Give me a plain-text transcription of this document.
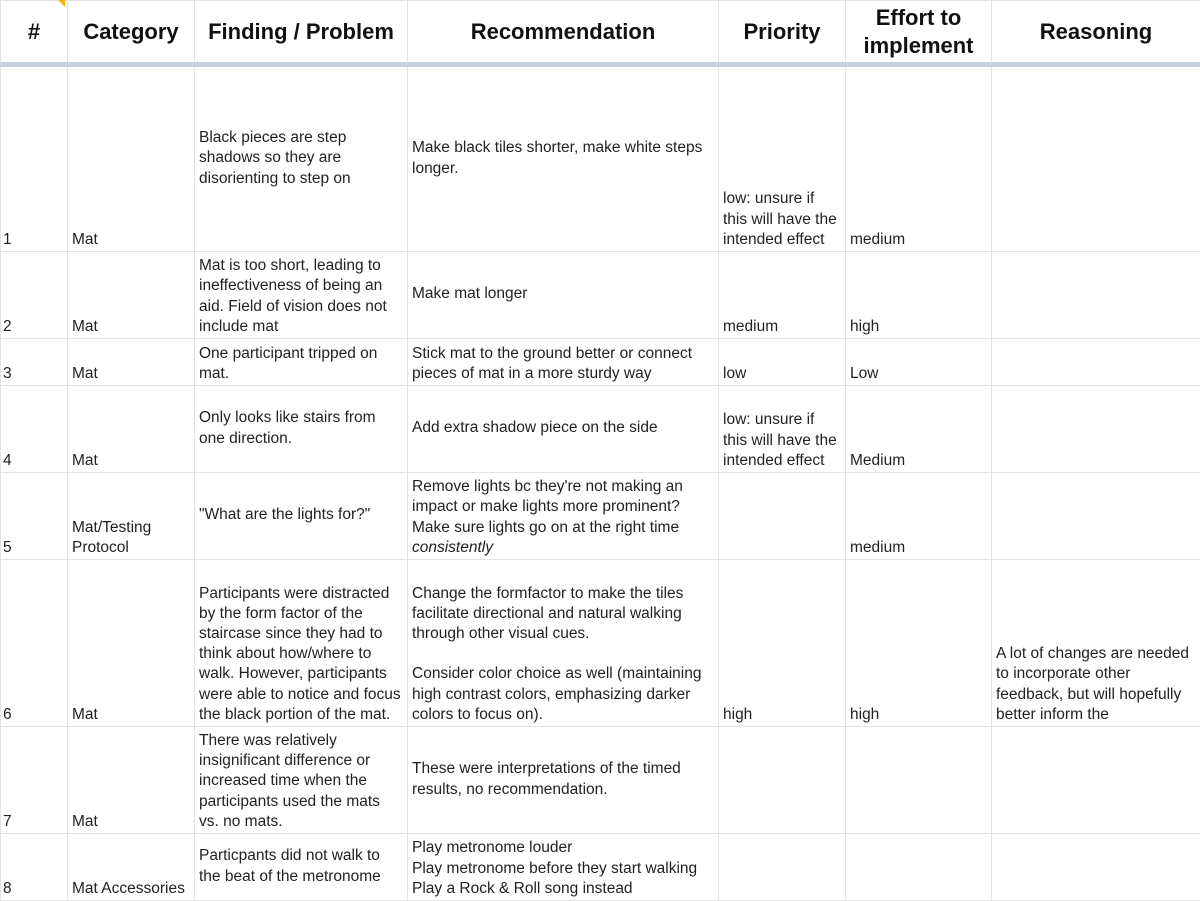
#	Category	Finding / Problem	Recommendation	Priority	Effort to implement	Reasoning
1	Mat	Black pieces are step shadows so they are disorienting to step on	Make black tiles shorter, make white steps longer.	low: unsure if this will have the intended effect	medium	
2	Mat	Mat is too short, leading to ineffectiveness of being an aid. Field of vision does not include mat	Make mat longer	medium	high	
3	Mat	One participant tripped on mat.	Stick mat to the ground better or connect pieces of mat in a more sturdy way	low	Low	
4	Mat	Only looks like stairs from one direction.	Add extra shadow piece on the side	low: unsure if this will have the intended effect	Medium	
5	Mat/Testing Protocol	"What are the lights for?"	Remove lights bc they're not making an impact or make lights more prominent? Make sure lights go on at the right time
consistently		medium	
6	Mat	Participants were distracted by the form factor of the staircase since they had to think about how/where to walk. However, participants were able to notice and focus the black portion of the mat.	Change the formfactor to make the tiles facilitate directional and natural walking through other visual cues.

Consider color choice as well (maintaining high contrast colors, emphasizing darker colors to focus on).	high	high	A lot of changes are needed to incorporate other feedback, but will hopefully better inform the

7	Mat	There was relatively insignificant difference or increased time when the participants used the mats vs. no mats.	These were interpretations of the timed results, no recommendation.			
8	Mat Accessories	Particpants did not walk to the beat of the metronome	Play metronome louder
Play metronome before they start walking
Play a Rock & Roll song instead			
